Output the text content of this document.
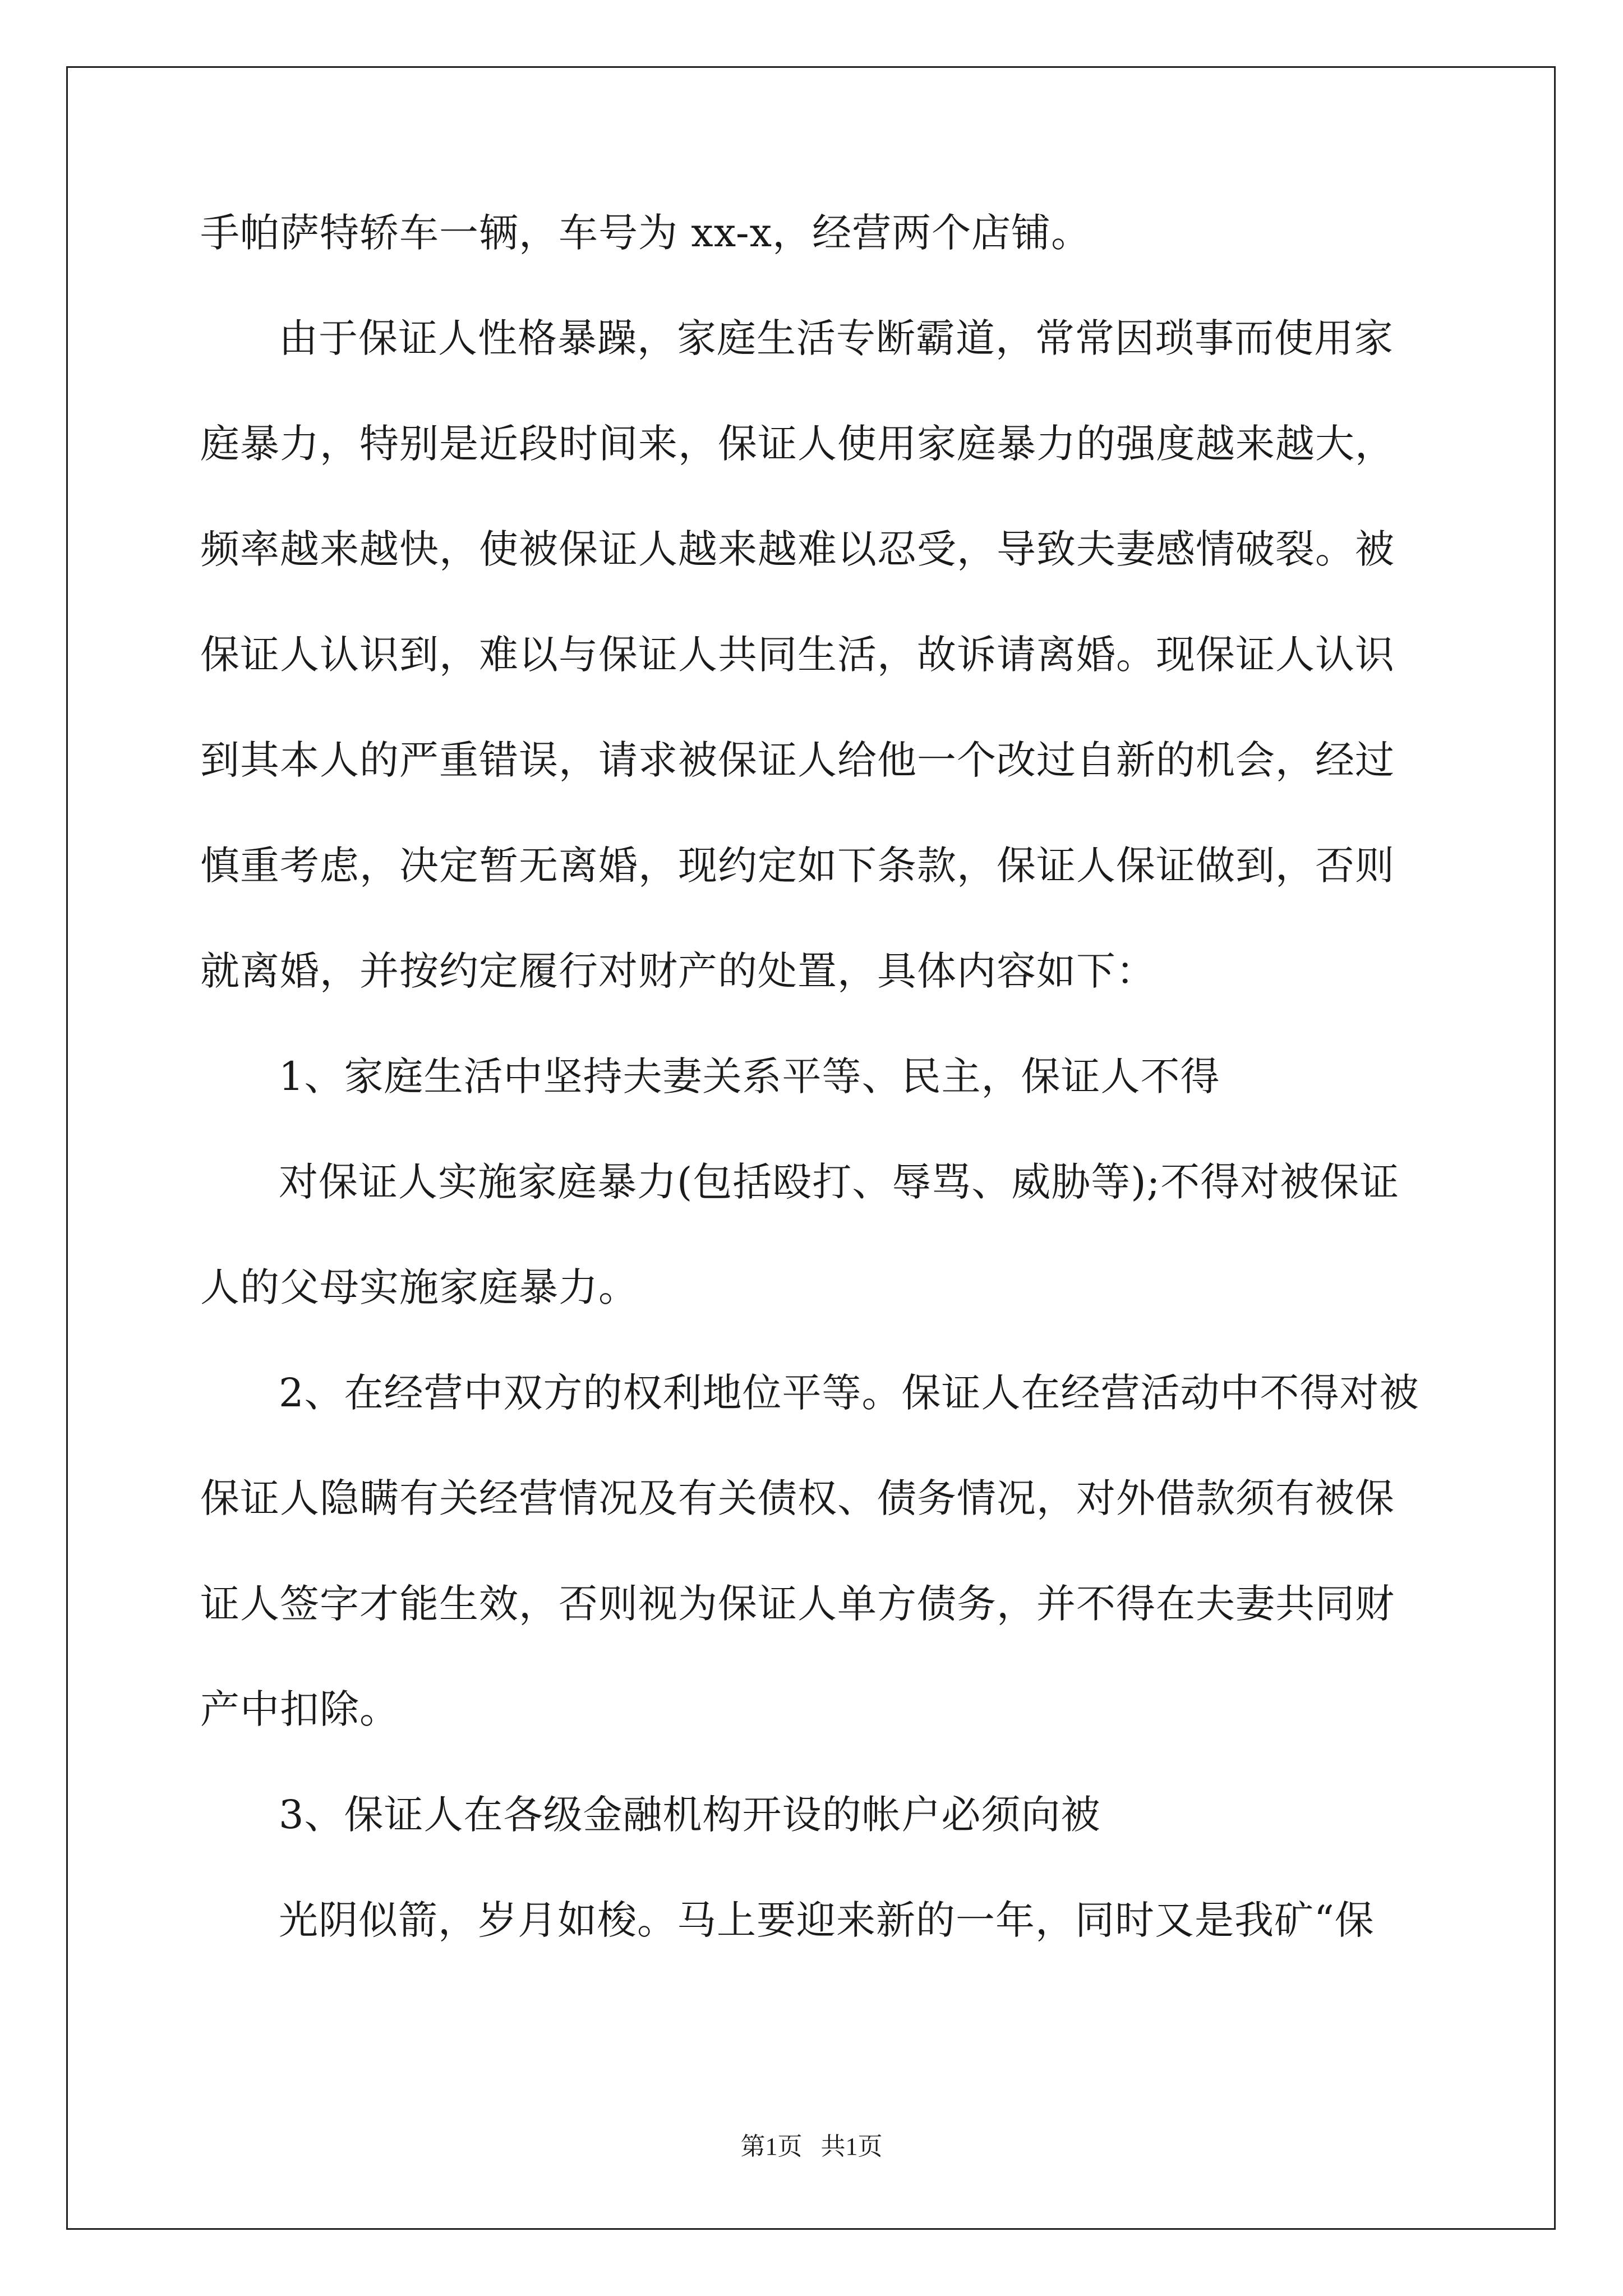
手帕萨特轿车一辆，车号为 xx-x，经营两个店铺。
由于保证人性格暴躁，家庭生活专断霸道，常常因琐事而使用家
庭暴力，特别是近段时间来，保证人使用家庭暴力的强度越来越大，
频率越来越快，使被保证人越来越难以忍受，导致夫妻感情破裂。被
保证人认识到，难以与保证人共同生活，故诉请离婚。现保证人认识
到其本人的严重错误，请求被保证人给他一个改过自新的机会，经过
慎重考虑，决定暂无离婚，现约定如下条款，保证人保证做到，否则
就离婚，并按约定履行对财产的处置，具体内容如下：
1、家庭生活中坚持夫妻关系平等、民主，保证人不得
对保证人实施家庭暴力(包括殴打、辱骂、威胁等);不得对被保证
人的父母实施家庭暴力。
2、在经营中双方的权利地位平等。保证人在经营活动中不得对被
保证人隐瞒有关经营情况及有关债权、债务情况，对外借款须有被保
证人签字才能生效，否则视为保证人单方债务，并不得在夫妻共同财
产中扣除。
3、保证人在各级金融机构开设的帐户必须向被
光阴似箭，岁月如梭。马上要迎来新的一年，同时又是我矿“保
第1页   共1页
